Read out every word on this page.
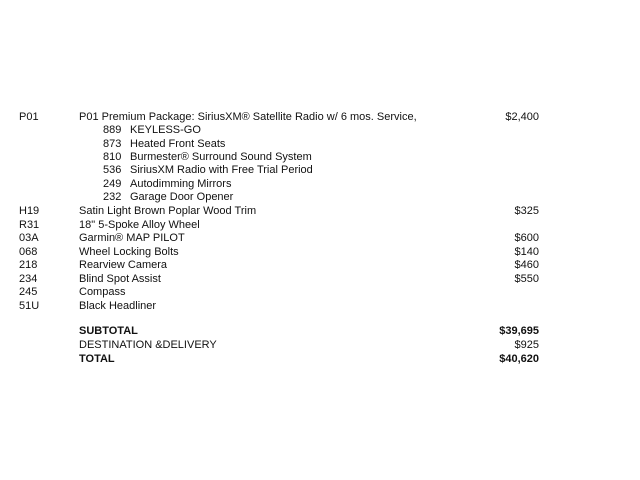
P01	P01 Premium Package: SiriusXM® Satellite Radio w/ 6 mos. Service,	$2,400
889 KEYLESS-GO
873 Heated Front Seats
810 Burmester® Surround Sound System
536 SiriusXM Radio with Free Trial Period
249 Autodimming Mirrors
232 Garage Door Opener
H19	Satin Light Brown Poplar Wood Trim	$325
R31	18" 5-Spoke Alloy Wheel
03A	Garmin® MAP PILOT	$600
068	Wheel Locking Bolts	$140
218	Rearview Camera	$460
234	Blind Spot Assist	$550
245	Compass
51U	Black Headliner
SUBTOTAL	$39,695
DESTINATION &DELIVERY	$925
TOTAL	$40,620
